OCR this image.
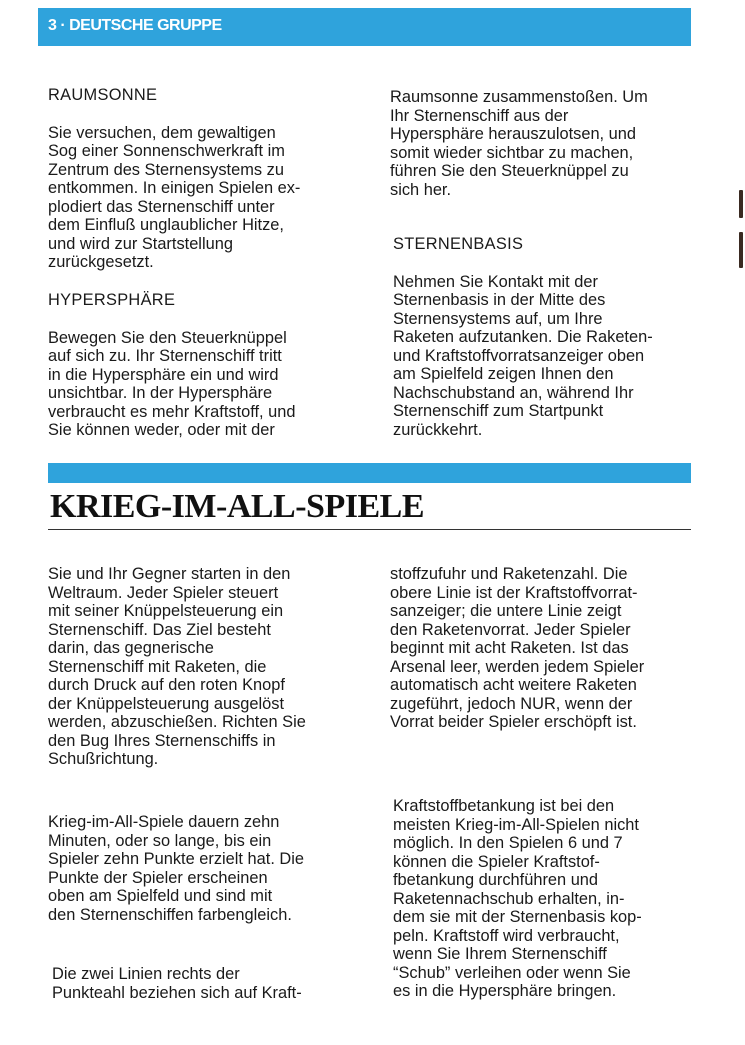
3 · DEUTSCHE GRUPPE
RAUMSONNE

Sie versuchen, dem gewaltigen
Sog einer Sonnenschwerkraft im
Zentrum des Sternensystems zu
entkommen. In einigen Spielen ex-
plodiert das Sternenschiff unter
dem Einfluß unglaublicher Hitze,
und wird zur Startstellung
zurückgesetzt.

HYPERSPHÄRE

Bewegen Sie den Steuerknüppel
auf sich zu. Ihr Sternenschiff tritt
in die Hypersphäre ein und wird
unsichtbar. In der Hypersphäre
verbraucht es mehr Kraftstoff, und
Sie können weder, oder mit der

Raumsonne zusammenstoßen. Um
Ihr Sternenschiff aus der
Hypersphäre herauszulotsen, und
somit wieder sichtbar zu machen,
führen Sie den Steuerknüppel zu
sich her.

STERNENBASIS

Nehmen Sie Kontakt mit der
Sternenbasis in der Mitte des
Sternensystems auf, um Ihre
Raketen aufzutanken. Die Raketen-
und Kraftstoffvorratsanzeiger oben
am Spielfeld zeigen Ihnen den
Nachschubstand an, während Ihr
Sternenschiff zum Startpunkt
zurückkehrt.

KRIEG-IM-ALL-SPIELE

Sie und Ihr Gegner starten in den
Weltraum. Jeder Spieler steuert
mit seiner Knüppelsteuerung ein
Sternenschiff. Das Ziel besteht
darin, das gegnerische
Sternenschiff mit Raketen, die
durch Druck auf den roten Knopf
der Knüppelsteuerung ausgelöst
werden, abzuschießen. Richten Sie
den Bug Ihres Sternenschiffs in
Schußrichtung.

Krieg-im-All-Spiele dauern zehn
Minuten, oder so lange, bis ein
Spieler zehn Punkte erzielt hat. Die
Punkte der Spieler erscheinen
oben am Spielfeld und sind mit
den Sternenschiffen farbengleich.

Die zwei Linien rechts der
Punkteahl beziehen sich auf Kraft-

stoffzufuhr und Raketenzahl. Die
obere Linie ist der Kraftstoffvorrat-
sanzeiger; die untere Linie zeigt
den Raketenvorrat. Jeder Spieler
beginnt mit acht Raketen. Ist das
Arsenal leer, werden jedem Spieler
automatisch acht weitere Raketen
zugeführt, jedoch NUR, wenn der
Vorrat beider Spieler erschöpft ist.

Kraftstoffbetankung ist bei den
meisten Krieg-im-All-Spielen nicht
möglich. In den Spielen 6 und 7
können die Spieler Kraftstof-
fbetankung durchführen und
Raketennachschub erhalten, in-
dem sie mit der Sternenbasis kop-
peln. Kraftstoff wird verbraucht,
wenn Sie Ihrem Sternenschiff
“Schub” verleihen oder wenn Sie
es in die Hypersphäre bringen.
